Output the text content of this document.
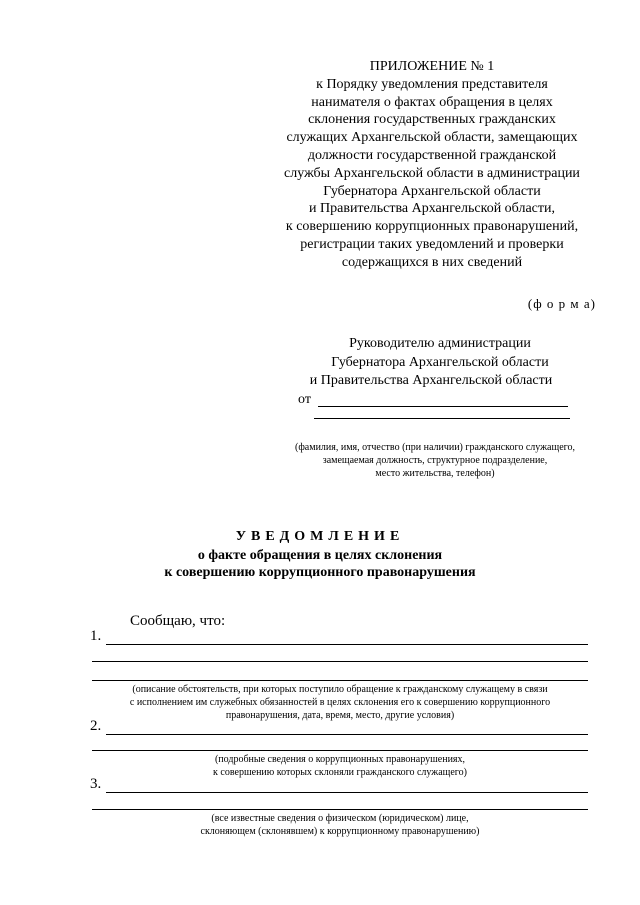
ПРИЛОЖЕНИЕ № 1
к Порядку уведомления представителя
нанимателя о фактах обращения в целях
склонения государственных гражданских
служащих Архангельской области, замещающих
должности государственной гражданской
службы Архангельской области в администрации
Губернатора Архангельской области
и Правительства Архангельской области,
к совершению коррупционных правонарушений,
регистрации таких уведомлений и проверки
содержащихся в них сведений
(ф о р м а)
Руководителю администрации
Губернатора Архангельской области
и Правительства Архангельской области
от
(фамилия, имя, отчество (при наличии) гражданского служащего,
замещаемая должность, структурное подразделение,
место жительства, телефон)
УВЕДОМЛЕНИЕ
о факте обращения в целях склонения
к совершению коррупционного правонарушения
Сообщаю, что:
1.
(описание обстоятельств, при которых поступило обращение к гражданскому служащему в связи
с исполнением им служебных обязанностей в целях склонения его к совершению коррупционного
правонарушения, дата, время, место, другие условия)
2.
(подробные сведения о коррупционных правонарушениях,
к совершению которых склоняли гражданского служащего)
3.
(все известные сведения о физическом (юридическом) лице,
склоняющем (склонявшем) к коррупционному правонарушению)
